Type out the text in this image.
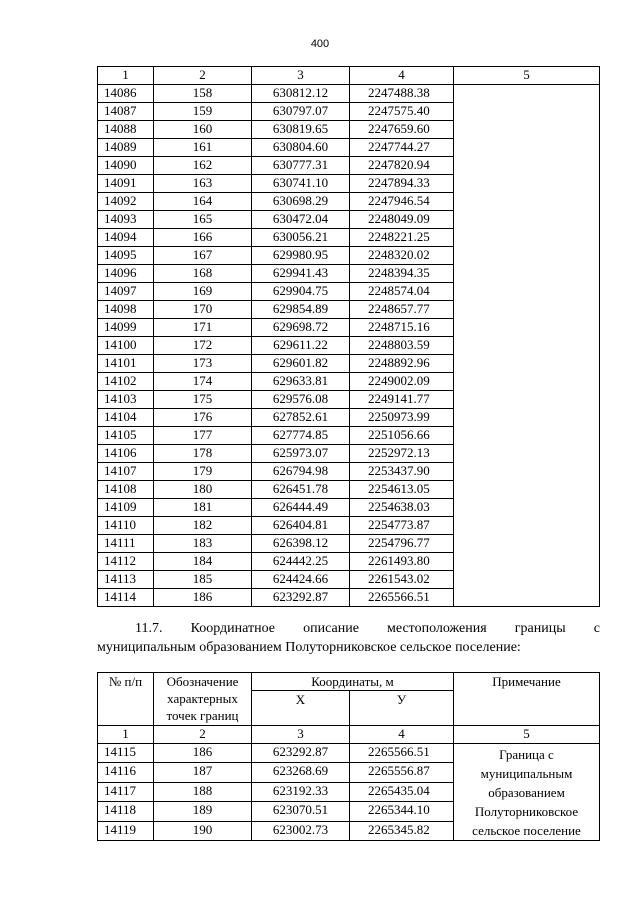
400
1	2	3	4	5
14086	158	630812.12	2247488.38	
14087	159	630797.07	2247575.40	
14088	160	630819.65	2247659.60	
14089	161	630804.60	2247744.27	
14090	162	630777.31	2247820.94	
14091	163	630741.10	2247894.33	
14092	164	630698.29	2247946.54	
14093	165	630472.04	2248049.09	
14094	166	630056.21	2248221.25	
14095	167	629980.95	2248320.02	
14096	168	629941.43	2248394.35	
14097	169	629904.75	2248574.04	
14098	170	629854.89	2248657.77	
14099	171	629698.72	2248715.16	
14100	172	629611.22	2248803.59	
14101	173	629601.82	2248892.96	
14102	174	629633.81	2249002.09	
14103	175	629576.08	2249141.77	
14104	176	627852.61	2250973.99	
14105	177	627774.85	2251056.66	
14106	178	625973.07	2252972.13	
14107	179	626794.98	2253437.90	
14108	180	626451.78	2254613.05	
14109	181	626444.49	2254638.03	
14110	182	626404.81	2254773.87	
14111	183	626398.12	2254796.77	
14112	184	624442.25	2261493.80	
14113	185	624424.66	2261543.02	
14114	186	623292.87	2265566.51	
11.7. Координатное описание местоположения границы с
муниципальным образованием Полуторниковское сельское поселение:
№ п/п	Обозначение характерных точек границ	Координаты, м		Примечание
		Х	У	
1	2	3	4	5
14115	186	623292.87	2265566.51	Граница с муниципальным образованием Полуторниковское сельское поселение
14116	187	623268.69	2265556.87	
14117	188	623192.33	2265435.04	
14118	189	623070.51	2265344.10	
14119	190	623002.73	2265345.82	
